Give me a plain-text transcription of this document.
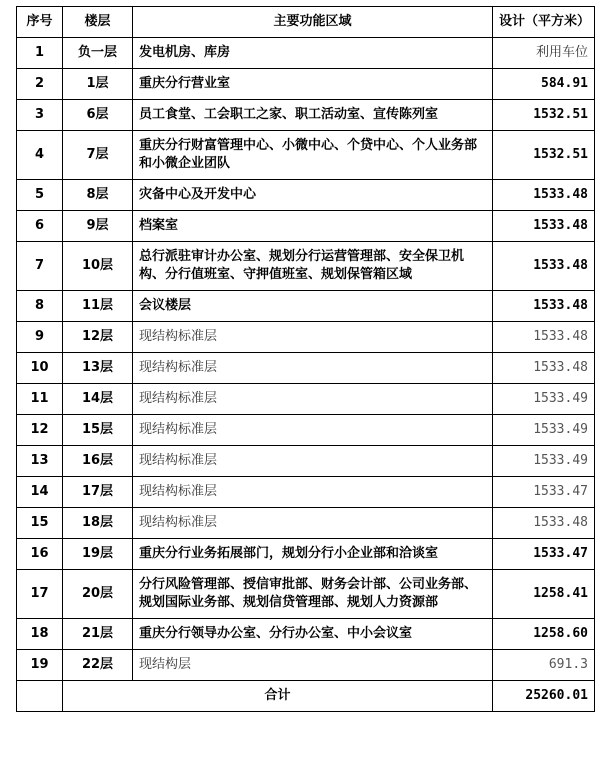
序号	楼层	主要功能区域	设计（平方米）
1	负一层	发电机房、库房	利用车位
2	1层	重庆分行营业室	584.91
3	6层	员工食堂、工会职工之家、职工活动室、宣传陈列室	1532.51
4	7层	重庆分行财富管理中心、小微中心、个贷中心、个人业务部和小微企业团队	1532.51
5	8层	灾备中心及开发中心	1533.48
6	9层	档案室	1533.48
7	10层	总行派驻审计办公室、规划分行运营管理部、安全保卫机构、分行值班室、守押值班室、规划保管箱区域	1533.48
8	11层	会议楼层	1533.48
9	12层	现结构标准层	1533.48
10	13层	现结构标准层	1533.48
11	14层	现结构标准层	1533.49
12	15层	现结构标准层	1533.49
13	16层	现结构标准层	1533.49
14	17层	现结构标准层	1533.47
15	18层	现结构标准层	1533.48
16	19层	重庆分行业务拓展部门，规划分行小企业部和洽谈室	1533.47
17	20层	分行风险管理部、授信审批部、财务会计部、公司业务部、规划国际业务部、规划信贷管理部、规划人力资源部	1258.41
18	21层	重庆分行领导办公室、分行办公室、中小会议室	1258.60
19	22层	现结构层	691.3
	合计		25260.01
